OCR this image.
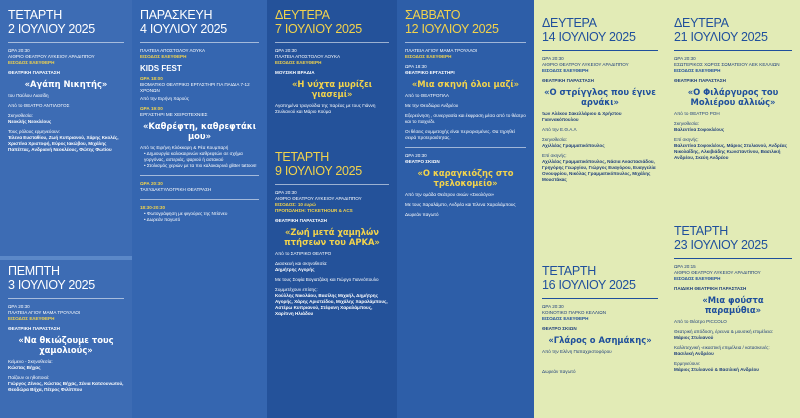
ΤΕΤΑΡΤΗ
2 ΙΟΥΛΙΟΥ 2025
ΩΡΑ 20:30
ΑΙΘΡΙΟ ΘΕΑΤΡΟΥ ΛΥΚΕΙΟΥ ΑΡΑΔΙΠΠΟΥ
ΕΙΣΟΔΟΣ ΕΛΕΥΘΕΡΗ
ΘΕΑΤΡΙΚΗ ΠΑΡΑΣΤΑΣΗ
«Αγάπη Νικητής»
του Παύλου Λιασίδη
Από το ΘΕΑΤΡΟ ΑΝΤΙΛΟΓΟΣ
Σκηνοθεσία:
Νεοκλής Νεοκλέους
Τους ρόλους ερμηνεύουν:
Έλενα Ευσταθίου, Ζωή Κυπριανού, Χάρης Κκολές, Χριστίνα Χριστοφή, Εύρος Ιακώβου, Μιχάλης Παπέττας, Ανδριανή Νεοκλέους, Φώτης Φωτίου
ΠΕΜΠΤΗ
3 ΙΟΥΛΙΟΥ 2025
ΩΡΑ 20:30
ΠΛΑΤΕΙΑ ΑΓΙΟΥ ΜΑΜΑ ΤΡΟΥΛΛΟΙ
ΕΙΣΟΔΟΣ ΕΛΕΥΘΕΡΗ
ΘΕΑΤΡΙΚΗ ΠΑΡΑΣΤΑΣΗ
«Να θκιώζουμε τους χαμολιούς»
Κείμενο - Σκηνοθεσία:
Κώστας Βήχας
Παίζουν οι ηθοποιοί:
Γιώργος Ζένιος, Κώστας Βήχας, Σένια Κατσουνωτού, Θεοδώρα Βήχα, Πέτρος Φιλίππου
ΠΑΡΑΣΚΕΥΗ
4 ΙΟΥΛΙΟΥ 2025
ΠΛΑΤΕΙΑ ΑΠΟΣΤΟΛΟΥ ΛΟΥΚΑ
ΕΙΣΟΔΟΣ ΕΛΕΥΘΕΡΗ
KIDS FEST
ΩΡΑ 18:00
ΒΙΟΜΑΤΙΚΟ ΘΕΑΤΡΙΚΟ ΕΡΓΑΣΤΗΡΙ ΓΙΑ ΠΑΙΔΙΑ 7-12 ΧΡΟΝΩΝ
Από την Ειρήνη Χαρούς
ΩΡΑ 19:00
ΕΡΓΑΣΤΗΡΙ ΜΕ ΧΕΙΡΟΤΕΧΝΙΕΣ
«Καθρέφτη, καθρεφτάκι μου»
Από τις Ειρήνη Κλόκκαρη & Ρέα Κουμπαρή
• Δημιουργία καλοκαιρινών καθρεφτών σε σχήμα γοργόνας, αστεριάς, ψαριού ή αστακού
• Στολισμός χεριών με τα πιο καλοκαιρινά glitter tattoos!
ΩΡΑ 20:30
ΤΑΧΥΔΑΚΤΥΛΟΓΡΙΚΗ ΘΕΑΤΡΑΣΗ
18:30-20:30
• Φωτογράφηση με φιγούρες της Ντίσνευ
• Δωρεάν παγωτό
ΔΕΥΤΕΡΑ
7 ΙΟΥΛΙΟΥ 2025
ΩΡΑ 20:30
ΠΛΑΤΕΙΑ ΑΠΟΣΤΟΛΟΥ ΛΟΥΚΑ
ΕΙΣΟΔΟΣ ΕΛΕΥΘΕΡΗ
ΜΟΥΣΙΚΗ ΒΡΑΔΙΑ
«Η νύχτα μυρίζει γιασεμί»
Αγαπημένα τραγούδια της παρέας με τους Γιάννη Στυλιανού και Μάριο Κούμα
ΤΕΤΑΡΤΗ
9 ΙΟΥΛΙΟΥ 2025
ΩΡΑ 20:30
ΑΙΘΡΙΟ ΘΕΑΤΡΟΥ ΛΥΚΕΙΟΥ ΑΡΑΔΙΠΠΟΥ
ΕΙΣΟΔΟΣ: 10 ευρώ
ΠΡΟΠΩΛΗΣΗ: TICKETHOUR & ACS
ΘΕΑΤΡΙΚΗ ΠΑΡΑΣΤΑΣΗ
«Ζωή μετά χαμηλών πτήσεων του ΑΡΚΑ»
Από το ΣΑΤΙΡΙΚΟ ΘΕΑΤΡΟ
Διασκευή και σκηνοθεσία:
Δημήτρης Αγορής
Με τους Σοφία Βογιατζάκη και Γιώργο Γιαννόπουλο
Συμμετέχουν επίσης:
Κούλλης Νικολάου, Βασίλης Μιχαήλ, Δημήτρης Αγορής, Χάρης Αριστείδου, Μιχάλης Χαραλάμπους, Αστέρω Κυπριανού, Στέφανη Χαραλάμπους, Χαρίτινη Ηλιάδου
ΣΑΒΒΑΤΟ
12 ΙΟΥΛΙΟΥ 2025
ΠΛΑΤΕΙΑ ΑΓΙΟΥ ΜΑΜΑ ΤΡΟΥΛΛΟΙ
ΕΙΣΟΔΟΣ ΕΛΕΥΘΕΡΗ
ΩΡΑ 18:30
ΘΕΑΤΡΙΚΟ ΕΡΓΑΣΤΗΡΙ
«Μια σκηνή όλοι μαζί»
Από το ΘΕΑΤΡΟΠΛΑ
Με την Θεοδώρα Ανδρέου
Εξερεύνηση , συνεργασία και έκφραση μέσα από το θέατρο και το παιχνίδι.
Οι θέσεις συμμετοχής είναι περιορισμένες. Θα τηρηθεί σειρά προτεραιότητας.
ΩΡΑ 20:30
ΘΕΑΤΡΟ ΣΚΙΩΝ
«Ο καραγκιόζης στο τρελοκομείο»
Από την ομάδα Θεάτρου σκιών «Σκιολόγοι»
Με τους Χαραλάμπο, Ανδρέα και Έλενα Χαραλάμπους
Δωρεάν παγωτό
ΔΕΥΤΕΡΑ
14 ΙΟΥΛΙΟΥ 2025
ΩΡΑ 20:30
ΑΙΘΡΙΟ ΘΕΑΤΡΟΥ ΛΥΚΕΙΟΥ ΑΡΑΔΙΠΠΟΥ
ΕΙΣΟΔΟΣ ΕΛΕΥΘΕΡΗ
ΘΕΑΤΡΙΚΗ ΠΑΡΑΣΤΑΣΗ
«Ο στρίγγλος που έγινε αρνάκι»
των Αλέκου Σακελλάριου & Χρήστου Γιαννακόπουλου
Από την Ε.Θ.Α.Λ
Σκηνοθεσία:
Αχιλλέας Γραμματικόπουλος
Επί σκηνής:
Αχιλλέας Γραμματικόπουλος, Νάσια Αναστασιάδου, Γρηγόρης Γεωργίου, Γιώργος Ευαγόρου, Ευαγγελία Ονουφρίου, Νικόλας Γραμματικόπουλος, Μιχάλης Μουστάκας
ΤΕΤΑΡΤΗ
16 ΙΟΥΛΙΟΥ 2025
ΩΡΑ 20:30
ΚΟΙΝΟΤΙΚΟ ΠΑΡΚΟ ΚΕΛΛΙΩΝ
ΕΙΣΟΔΟΣ ΕΛΕΥΘΕΡΗ
ΘΕΑΤΡΟ ΣΚΙΩΝ
«Γλάρος ο Ασημάκης»
Από την Ελένη Παπαχριστοφόρου
Δωρεάν παγωτό
ΔΕΥΤΕΡΑ
21 ΙΟΥΛΙΟΥ 2025
ΩΡΑ 20:30
ΕΣΩΤΕΡΙΚΟΣ ΧΩΡΟΣ ΣΩΜΑΤΕΙΟΥ ΑΕΚ ΚΕΛΛΙΩΝ
ΕΙΣΟΔΟΣ ΕΛΕΥΘΕΡΗ
ΘΕΑΤΡΙΚΗ ΠΑΡΑΣΤΑΣΗ
«Ο Φιλάργυρος του Μολιέρου αλλιώς»
Από το ΘΕΑΤΡΟ ΡΟΗ
Σκηνοθεσία:
Βαλεντίνα Σοφοκλέους
Επί σκηνής:
Βαλεντίνα Σοφοκλέους, Μάριος Στυλιανού, Ανδρέας Νικολαΐδης, Αλκιβιάδης Κωνσταντίνου, Βασιλική Ανδρέου, Σκεύη Ανδρέου
ΤΕΤΑΡΤΗ
23 ΙΟΥΛΙΟΥ 2025
ΩΡΑ 20:15
ΑΙΘΡΙΟ ΘΕΑΤΡΟΥ ΛΥΚΕΙΟΥ ΑΡΑΔΙΠΠΟΥ
ΕΙΣΟΔΟΣ ΕΛΕΥΘΕΡΗ
ΠΑΙΔΙΚΗ ΘΕΑΤΡΙΚΗ ΠΑΡΑΣΤΑΣΗ
«Μια φούστα παραμύθια»
Από το Θέατρο PICCOLO
Θεατρική απόδοση, έρευνα & μουσική επιμέλεια:
Μάριος Στυλιανού
Καλλιτεχνική -εικαστική επιμέλεια / κατασκευές:
Βασιλική Ανδρέου
Ερμηνεύουν:
Μάριος Στυλιανού & Βασιλική Ανδρέου
